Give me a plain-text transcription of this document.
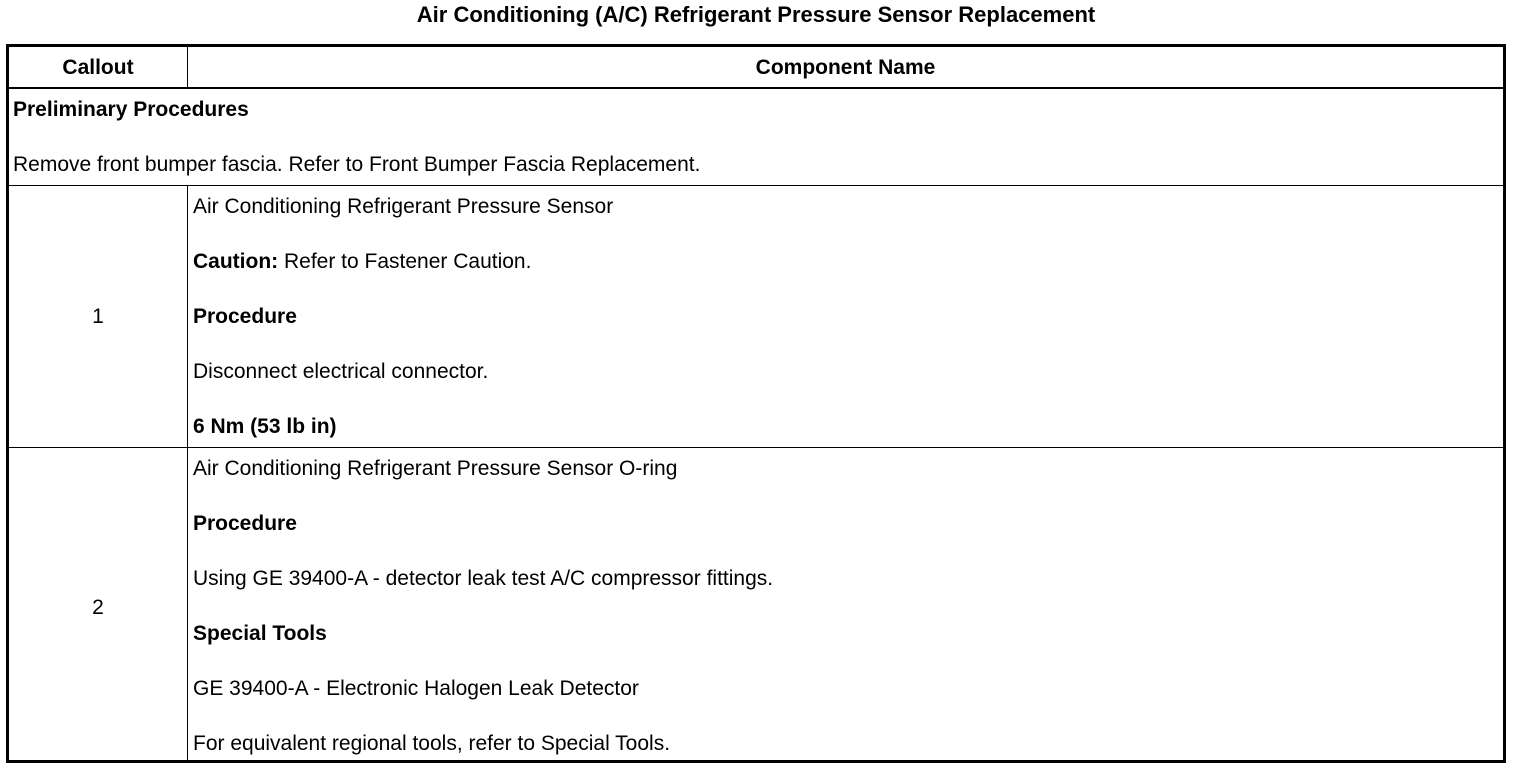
Air Conditioning (A/C) Refrigerant Pressure Sensor Replacement
Callout	Component Name
Preliminary Procedures
Remove front bumper fascia. Refer to Front Bumper Fascia Replacement.
1
Air Conditioning Refrigerant Pressure Sensor
Caution: Refer to Fastener Caution.
Procedure
Disconnect electrical connector.
6 Nm (53 lb in)
2
Air Conditioning Refrigerant Pressure Sensor O-ring
Procedure
Using GE 39400-A - detector leak test A/C compressor fittings.
Special Tools
GE 39400-A - Electronic Halogen Leak Detector
For equivalent regional tools, refer to Special Tools.
